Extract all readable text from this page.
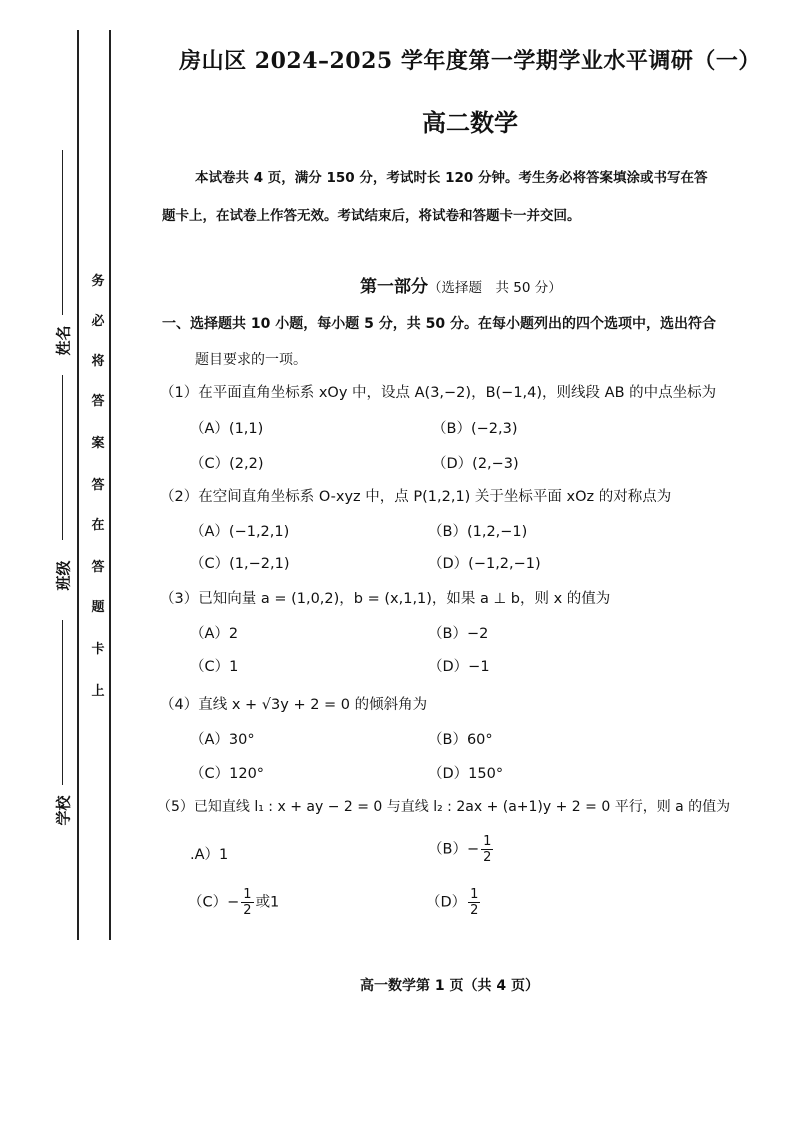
姓名
班级
学校
务
必
将
答
案
答
在
答
题
卡
上
房山区 2024–2025 学年度第一学期学业水平调研（一）
高二数学
本试卷共 4 页，满分 150 分，考试时长 120 分钟。考生务必将答案填涂或书写在答
题卡上，在试卷上作答无效。考试结束后，将试卷和答题卡一并交回。
第一部分（选择题　共 50 分）
一、选择题共 10 小题，每小题 5 分，共 50 分。在每小题列出的四个选项中，选出符合
题目要求的一项。
（1）在平面直角坐标系 xOy 中，设点 A(3,−2)，B(−1,4)，则线段 AB 的中点坐标为
（A）(1,1)	（B）(−2,3)
（C）(2,2)	（D）(2,−3)
（2）在空间直角坐标系 O-xyz 中，点 P(1,2,1) 关于坐标平面 xOz 的对称点为
（A）(−1,2,1)	（B）(1,2,−1)
（C）(1,−2,1)	（D）(−1,2,−1)
（3）已知向量 a = (1,0,2)，b = (x,1,1)，如果 a ⊥ b，则 x 的值为
（A）2	（B）−2
（C）1	（D）−1
（4）直线 x + √3y + 2 = 0 的倾斜角为
（A）30°	（B）60°
（C）120°	（D）150°
（5）已知直线 l₁ : x + ay − 2 = 0 与直线 l₂ : 2ax + (a+1)y + 2 = 0 平行，则 a 的值为
.A）1	$(B)- \frac{1}{2}$
$(C)- \frac{1}{2}$ 或1	$(D) \frac{1}{2}$
高一数学第 1 页（共 4 页）
